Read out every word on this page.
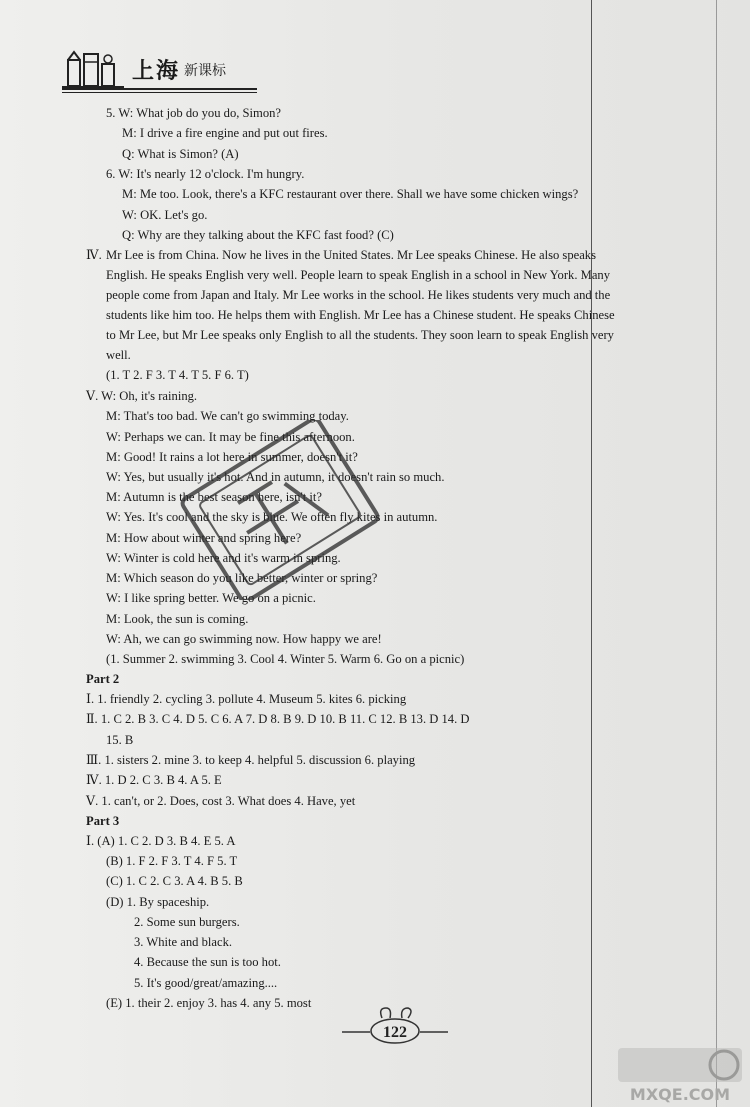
上海 新课标
5. W: What job do you do, Simon?
M: I drive a fire engine and put out fires.
Q: What is Simon? (A)
6. W: It's nearly 12 o'clock. I'm hungry.
M: Me too. Look, there's a KFC restaurant over there. Shall we have some chicken wings?
W: OK. Let's go.
Q: Why are they talking about the KFC fast food? (C)
Ⅳ. Mr Lee is from China. Now he lives in the United States. Mr Lee speaks Chinese. He also speaks
English. He speaks English very well. People learn to speak English in a school in New York. Many
people come from Japan and Italy. Mr Lee works in the school. He likes students very much and the
students like him too. He helps them with English. Mr Lee has a Chinese student. He speaks Chinese
to Mr Lee, but Mr Lee speaks only English to all the students. They soon learn to speak English very
well.
(1. T 2. F 3. T 4. T 5. F 6. T)
Ⅴ. W: Oh, it's raining.
M: That's too bad. We can't go swimming today.
W: Perhaps we can. It may be fine this afternoon.
M: Good! It rains a lot here in summer, doesn't it?
W: Yes, but usually it's hot. And in autumn, it doesn't rain so much.
M: Autumn is the best season here, isn't it?
W: Yes. It's cool and the sky is blue. We often fly kites in autumn.
M: How about winter and spring here?
W: Winter is cold here and it's warm in spring.
M: Which season do you like better, winter or spring?
W: I like spring better. We go on a picnic.
M: Look, the sun is coming.
W: Ah, we can go swimming now. How happy we are!
(1. Summer 2. swimming 3. Cool 4. Winter 5. Warm 6. Go on a picnic)
Part 2
Ⅰ. 1. friendly 2. cycling 3. pollute 4. Museum 5. kites 6. picking
Ⅱ. 1. C 2. B 3. C 4. D 5. C 6. A 7. D 8. B 9. D 10. B 11. C 12. B 13. D 14. D
15. B
Ⅲ. 1. sisters 2. mine 3. to keep 4. helpful 5. discussion 6. playing
Ⅳ. 1. D 2. C 3. B 4. A 5. E
Ⅴ. 1. can't, or 2. Does, cost 3. What does 4. Have, yet
Part 3
Ⅰ. (A) 1. C 2. D 3. B 4. E 5. A
(B) 1. F 2. F 3. T 4. F 5. T
(C) 1. C 2. C 3. A 4. B 5. B
(D) 1. By spaceship.
2. Some sun burgers.
3. White and black.
4. Because the sun is too hot.
5. It's good/great/amazing....
(E) 1. their 2. enjoy 3. has 4. any 5. most
122
MXQE.COM
